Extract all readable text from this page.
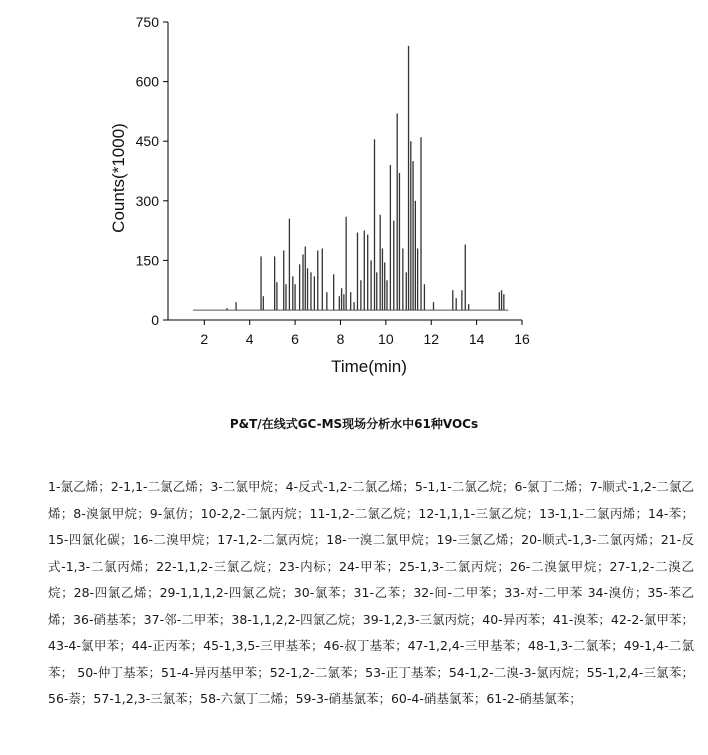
0
150
300
450
600
750
2	4	6	8 10 12 14 16
Time(min)
Counts(*1000)
P&T/在线式GC-MS现场分析水中61种VOCs
1-氯乙烯；2-1,1-二氯乙烯；3-二氯甲烷；4-反式-1,2-二氯乙烯；5-1,1-二氯乙烷；6-氯丁二烯；7-顺式-1,2-二氯乙烯；8-溴氯甲烷；9-氯仿；10-2,2-二氯丙烷；11-1,2-二氯乙烷；12-1,1,1-三氯乙烷；13-1,1-二氯丙烯；14-苯；15-四氯化碳；16-二溴甲烷；17-1,2-二氯丙烷；18-一溴二氯甲烷；19-三氯乙烯；20-顺式-1,3-二氯丙烯；21-反式-1,3-二氯丙烯；22-1,1,2-三氯乙烷；23-内标；24-甲苯；25-1,3-二氯丙烷；26-二溴氯甲烷；27-1,2-二溴乙烷；28-四氯乙烯；29-1,1,1,2-四氯乙烷；30-氯苯；31-乙苯；32-间-二甲苯；33-对-二甲苯 34-溴仿；35-苯乙烯；36-硝基苯；37-邻-二甲苯；38-1,1,2,2-四氯乙烷；39-1,2,3-三氯丙烷；40-异丙苯；41-溴苯；42-2-氯甲苯；43-4-氯甲苯；44-正丙苯；45-1,3,5-三甲基苯；46-叔丁基苯；47-1,2,4-三甲基苯；48-1,3-二氯苯；49-1,4-二氯苯； 50-仲丁基苯；51-4-异丙基甲苯；52-1,2-二氯苯；53-正丁基苯；54-1,2-二溴-3-氯丙烷；55-1,2,4-三氯苯；56-萘；57-1,2,3-三氯苯；58-六氯丁二烯；59-3-硝基氯苯；60-4-硝基氯苯；61-2-硝基氯苯；
